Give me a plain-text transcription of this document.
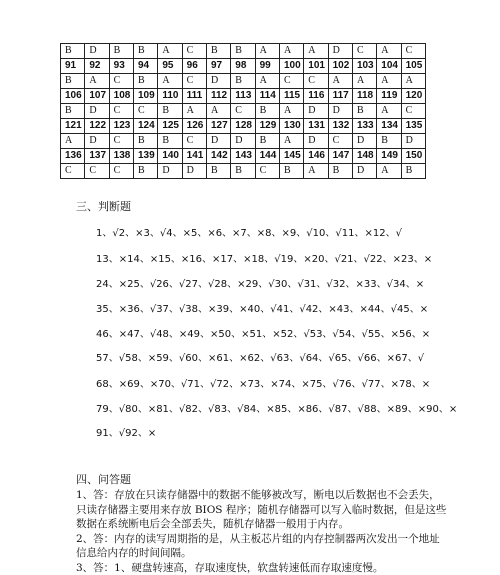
B	D	B	B	A	C	B	B	A	A	A	D	C	A	C
91	92	93	94	95	96	97	98	99	100	101	102	103	104	105
B	A	C	B	A	C	D	B	A	C	C	A	A	A	A
106	107	108	109	110	111	112	113	114	115	116	117	118	119	120
B	D	C	C	B	A	A	C	B	A	D	D	B	A	C
121	122	123	124	125	126	127	128	129	130	131	132	133	134	135
A	D	C	B	B	C	D	D	B	A	D	C	D	B	D
136	137	138	139	140	141	142	143	144	145	146	147	148	149	150
C	C	C	B	D	D	B	B	C	B	A	B	D	A	B
三、判断题
1、√2、×3、√4、×5、×6、×7、×8、×9、√10、√11、×12、√
13、×14、×15、×16、×17、×18、√19、×20、√21、√22、×23、×
24、×25、√26、√27、√28、×29、√30、√31、√32、×33、√34、×
35、×36、√37、√38、×39、×40、√41、√42、×43、×44、√45、×
46、×47、√48、×49、×50、×51、×52、√53、√54、√55、×56、×
57、√58、×59、√60、×61、×62、√63、√64、√65、√66、×67、√
68、×69、×70、√71、√72、×73、×74、×75、√76、√77、×78、×
79、√80、×81、√82、√83、√84、×85、×86、√87、√88、×89、×90、×
91、√92、×
四、问答题
1、答：存放在只读存储器中的数据不能够被改写，断电以后数据也不会丢失，
只读存储器主要用来存放 BIOS 程序；随机存储器可以写入临时数据，但是这些
数据在系统断电后会全部丢失，随机存储器一般用于内存。
2、答：内存的读写周期指的是，从主板芯片组的内存控制器两次发出一个地址
信息给内存的时间间隔。
3、答：1、硬盘转速高，存取速度快，软盘转速低而存取速度慢。
